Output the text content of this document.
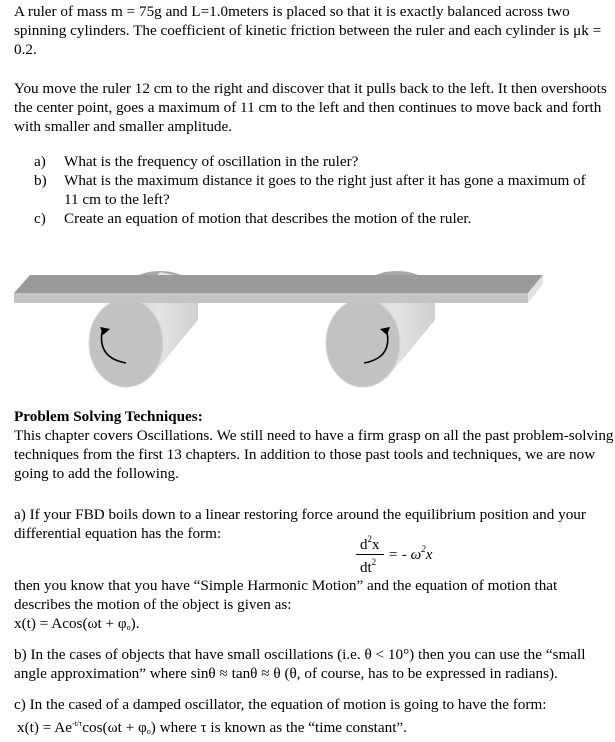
A ruler of mass m = 75g and L=1.0meters is placed so that it is exactly balanced across two spinning cylinders. The coefficient of kinetic friction between the ruler and each cylinder is μk = 0.2.
You move the ruler 12 cm to the right and discover that it pulls back to the left. It then overshoots the center point, goes a maximum of 11 cm to the left and then continues to move back and forth with smaller and smaller amplitude.
a)	What is the frequency of oscillation in the ruler?
b)	What is the maximum distance it goes to the right just after it has gone a maximum of 11 cm to the left?
c)	Create an equation of motion that describes the motion of the ruler.
Problem Solving Techniques:
This chapter covers Oscillations. We still need to have a firm grasp on all the past problem-solving techniques from the first 13 chapters. In addition to those past tools and techniques, we are now going to add the following.
a) If your FBD boils down to a linear restoring force around the equilibrium position and your differential equation has the form:
$d^2x$
$dt^2$ = - $\omega^2x$
then you know that you have “Simple Harmonic Motion” and the equation of motion that describes the motion of the object is given as:
$x(t) = Acos(\omega t + \varphi_o)$.
b) In the cases of objects that have small oscillations (i.e. θ < 10°) then you can use the “small angle approximation” where sinθ ≈ tanθ ≈ θ (θ, of course, has to be expressed in radians).
c) In the cased of a damped oscillator, the equation of motion is going to have the form:
$x(t) = Ae^{-t/\tau}\cos(\omega t + \varphi_o)$ where τ is known as the “time constant”.
